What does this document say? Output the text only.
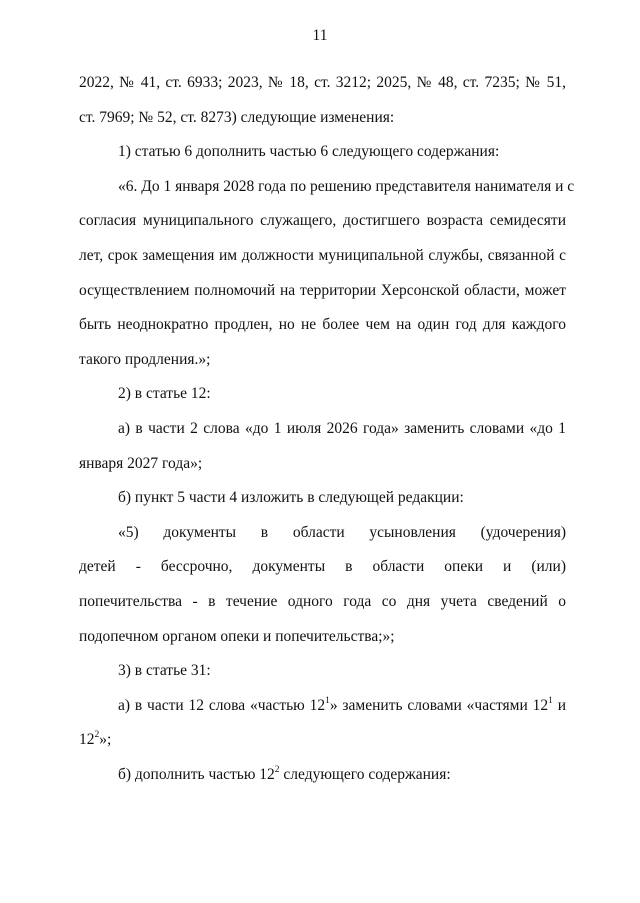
11
2022, № 41, ст. 6933; 2023, № 18, ст. 3212; 2025, № 48, ст. 7235; № 51,
ст. 7969; № 52, ст. 8273) следующие изменения:
1) статью 6 дополнить частью 6 следующего содержания:
«6. До 1 января 2028 года по решению представителя нанимателя и с
согласия муниципального служащего, достигшего возраста семидесяти
лет, срок замещения им должности муниципальной службы, связанной с
осуществлением полномочий на территории Херсонской области, может
быть неоднократно продлен, но не более чем на один год для каждого
такого продления.»;
2) в статье 12:
а) в части 2 слова «до 1 июля 2026 года» заменить словами «до 1
января 2027 года»;
б) пункт 5 части 4 изложить в следующей редакции:
«5) документы в области усыновления (удочерения)
детей - бессрочно, документы в области опеки и (или)
попечительства - в течение одного года со дня учета сведений о
подопечном органом опеки и попечительства;»;
3) в статье 31:
а) в части 12 слова «частью $12^1$» заменить словами «частями $12^1$ и
$12^2$»;
б) дополнить частью $12^2$ следующего содержания:
